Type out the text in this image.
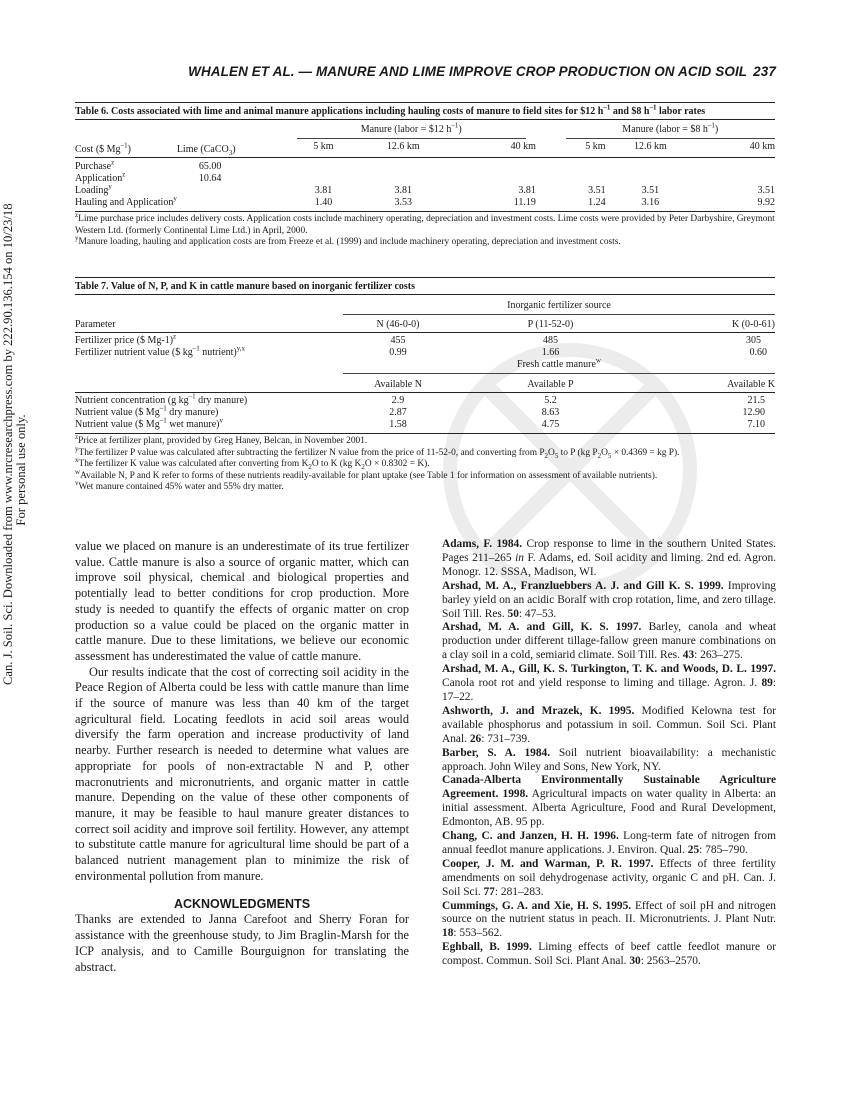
WHALEN ET AL. — MANURE AND LIME IMPROVE CROP PRODUCTION ON ACID SOIL 237
Can. J. Soil. Sci. Downloaded from www.nrcresearchpress.com by 222.90.136.154 on 10/23/18 For personal use only.
Table 6. Costs associated with lime and animal manure applications including hauling costs of manure to field sites for $12 $h^{-1}$ and $8 $h^{-1}$ labor rates

		Manure (labor = $12 $h^{-1}$)				Manure (labor = $8 $h^{-1}$)	

Cost ($ $Mg^{-1}$)	Lime (CaCO$_3$)	5 km	12.6 km	40 km	5 km	12.6 km	40 km

Purchase$^z$	65.00						
Application$^z$	10.64						
Loading$^y$		3.81	3.81	3.81	3.51	3.51	3.51
Hauling and Application$^y$		1.40	3.53	11.19	1.24	3.16	9.92

$^z$Lime purchase price includes delivery costs. Application costs include machinery operating, depreciation and investment costs. Lime costs were provided by Peter Darbyshire, Greymont Western Ltd. (formerly Continental Lime Ltd.) in April, 2000.

$^y$Manure loading, hauling and application costs are from Freeze et al. (1999) and include machinery operating, depreciation and investment costs.

Table 7. Value of N, P, and K in cattle manure based on inorganic fertilizer costs

	Inorganic fertilizer source		

Parameter	N (46-0-0)	P (11-52-0)	K (0-0-61)

Fertilizer price ($ Mg-1)$^z$	455	485	305
Fertilizer nutrient value ($ $kg^{-1}$ nutrient)$^{y,x}$	0.99	1.66	0.60

	Fresh cattle manure$^w$

	Available N	Available P	Available K

Nutrient concentration (g $kg^{-1}$ dry manure)	2.9	5.2	21.5
Nutrient value ($ $Mg^{-1}$ dry manure)	2.87	8.63	12.90
Nutrient value ($ $Mg^{-1}$ wet manure)$^v$	1.58	4.75	7.10

$^z$Price at fertilizer plant, provided by Greg Haney, Belcan, in November 2001.

$^y$The fertilizer P value was calculated after subtracting the fertilizer N value from the price of 11-52-0, and converting from $P_2O_5$ to P (kg $P_2O_5 \times 0.4369$ = kg P).

$^x$The fertilizer K value was calculated after converting from $K_2O$ to K (kg $K_2O \times 0.8302 = K$).

$^w$Available N, P and K refer to forms of these nutrients readily-available for plant uptake (see Table 1 for information on assessment of available nutrients).

$^v$Wet manure contained 45% water and 55% dry matter.

value we placed on manure is an underestimate of its true fertilizer value. Cattle manure is also a source of organic matter, which can improve soil physical, chemical and biological properties and potentially lead to better conditions for crop production. More study is needed to quantify the effects of organic matter on crop production so a value could be placed on the organic matter in cattle manure. Due to these limitations, we believe our economic assessment has underestimated the value of cattle manure.

Our results indicate that the cost of correcting soil acidity in the Peace Region of Alberta could be less with cattle manure than lime if the source of manure was less than 40 km of the target agricultural field. Locating feedlots in acid soil areas would diversify the farm operation and increase productivity of land nearby. Further research is needed to determine what values are appropriate for pools of non-extractable N and P, other macronutrients and micronutrients, and organic matter in cattle manure. Depending on the value of these other components of manure, it may be feasible to haul manure greater distances to correct soil acidity and improve soil fertility. However, any attempt to substitute cattle manure for agricultural lime should be part of a balanced nutrient management plan to minimize the risk of environmental pollution from manure.

ACKNOWLEDGMENTS

Thanks are extended to Janna Carefoot and Sherry Foran for assistance with the greenhouse study, to Jim Braglin-Marsh for the ICP analysis, and to Camille Bourguignon for translating the abstract.

Adams, F. 1984. Crop response to lime in the southern United States. Pages 211–265 in F. Adams, ed. Soil acidity and liming. 2nd ed. Agron. Monogr. 12. SSSA, Madison, WI.

Arshad, M. A., Franzluebbers A. J. and Gill K. S. 1999. Improving barley yield on an acidic Boralf with crop rotation, lime, and zero tillage. Soil Till. Res. 50: 47–53.

Arshad, M. A. and Gill, K. S. 1997. Barley, canola and wheat production under different tillage-fallow green manure combinations on a clay soil in a cold, semiarid climate. Soil Till. Res. 43: 263–275.

Arshad, M. A., Gill, K. S. Turkington, T. K. and Woods, D. L. 1997. Canola root rot and yield response to liming and tillage. Agron. J. 89: 17–22.

Ashworth, J. and Mrazek, K. 1995. Modified Kelowna test for available phosphorus and potassium in soil. Commun. Soil Sci. Plant Anal. 26: 731–739.

Barber, S. A. 1984. Soil nutrient bioavailability: a mechanistic approach. John Wiley and Sons, New York, NY.

Canada-Alberta Environmentally Sustainable Agriculture Agreement. 1998. Agricultural impacts on water quality in Alberta: an initial assessment. Alberta Agriculture, Food and Rural Development, Edmonton, AB. 95 pp.

Chang, C. and Janzen, H. H. 1996. Long-term fate of nitrogen from annual feedlot manure applications. J. Environ. Qual. 25: 785–790.

Cooper, J. M. and Warman, P. R. 1997. Effects of three fertility amendments on soil dehydrogenase activity, organic C and pH. Can. J. Soil Sci. 77: 281–283.

Cummings, G. A. and Xie, H. S. 1995. Effect of soil pH and nitrogen source on the nutrient status in peach. II. Micronutrients. J. Plant Nutr. 18: 553–562.

Eghball, B. 1999. Liming effects of beef cattle feedlot manure or compost. Commun. Soil Sci. Plant Anal. 30: 2563–2570.
